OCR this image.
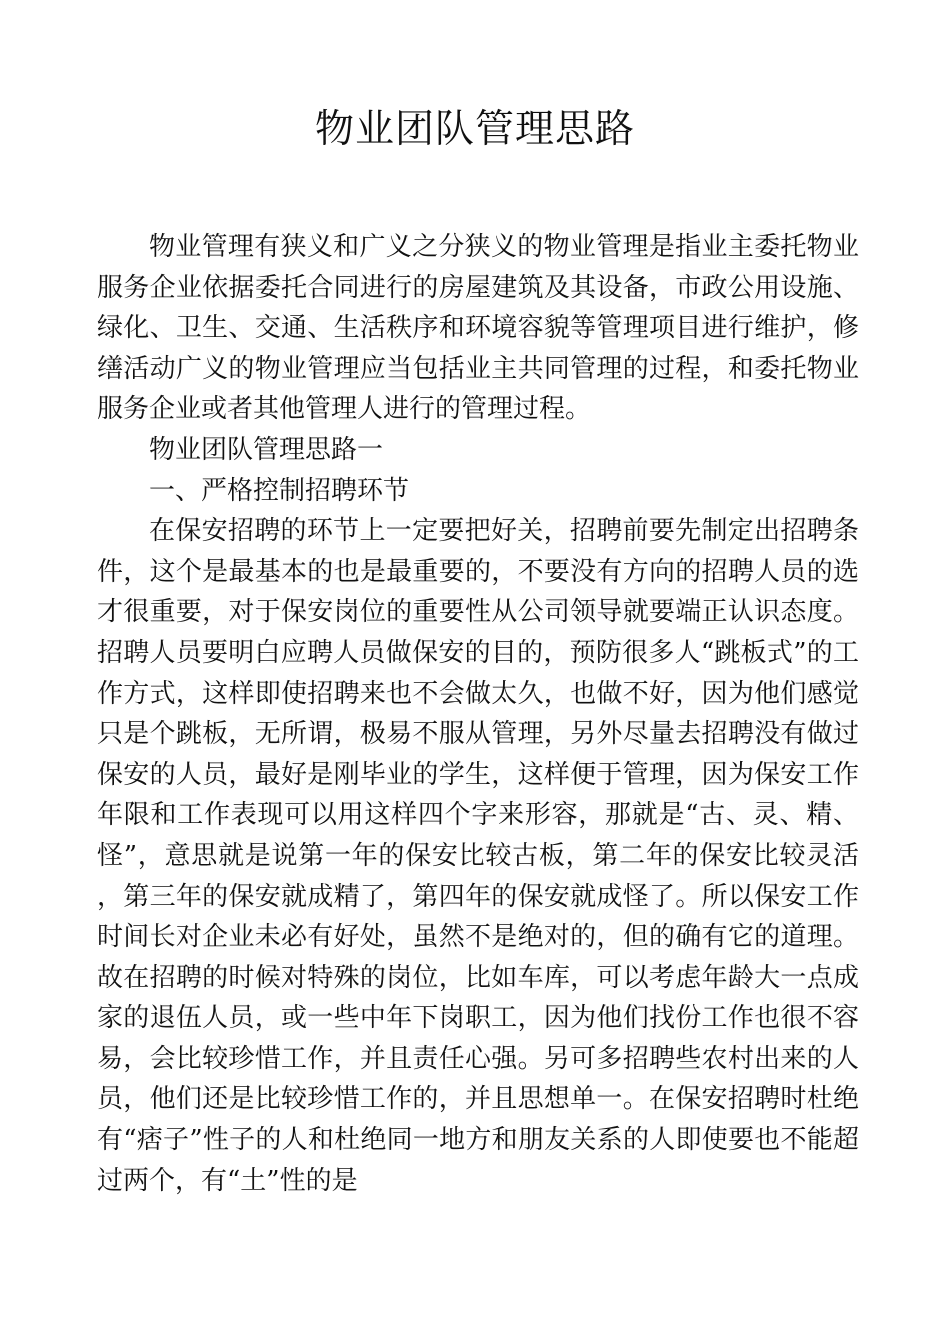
物业团队管理思路

物业管理有狭义和广义之分狭义的物业管理是指业主委托物业服务企业依据委托合同进行的房屋建筑及其设备，市政公用设施、绿化、卫生、交通、生活秩序和环境容貌等管理项目进行维护，修缮活动广义的物业管理应当包括业主共同管理的过程，和委托物业服务企业或者其他管理人进行的管理过程。

物业团队管理思路一

一、严格控制招聘环节

在保安招聘的环节上一定要把好关，招聘前要先制定出招聘条件，这个是最基本的也是最重要的，不要没有方向的招聘人员的选才很重要，对于保安岗位的重要性从公司领导就要端正认识态度。招聘人员要明白应聘人员做保安的目的，预防很多人“跳板式”的工作方式，这样即使招聘来也不会做太久，也做不好，因为他们感觉只是个跳板，无所谓，极易不服从管理，另外尽量去招聘没有做过保安的人员，最好是刚毕业的学生，这样便于管理，因为保安工作年限和工作表现可以用这样四个字来形容，那就是“古、灵、精、怪”，意思就是说第一年的保安比较古板，第二年的保安比较灵活，第三年的保安就成精了，第四年的保安就成怪了。所以保安工作时间长对企业未必有好处，虽然不是绝对的，但的确有它的道理。故在招聘的时候对特殊的岗位，比如车库，可以考虑年龄大一点成家的退伍人员，或一些中年下岗职工，因为他们找份工作也很不容易，会比较珍惜工作，并且责任心强。另可多招聘些农村出来的人员，他们还是比较珍惜工作的，并且思想单一。在保安招聘时杜绝有“痞子”性子的人和杜绝同一地方和朋友关系的人即使要也不能超过两个，有“土”性的是
